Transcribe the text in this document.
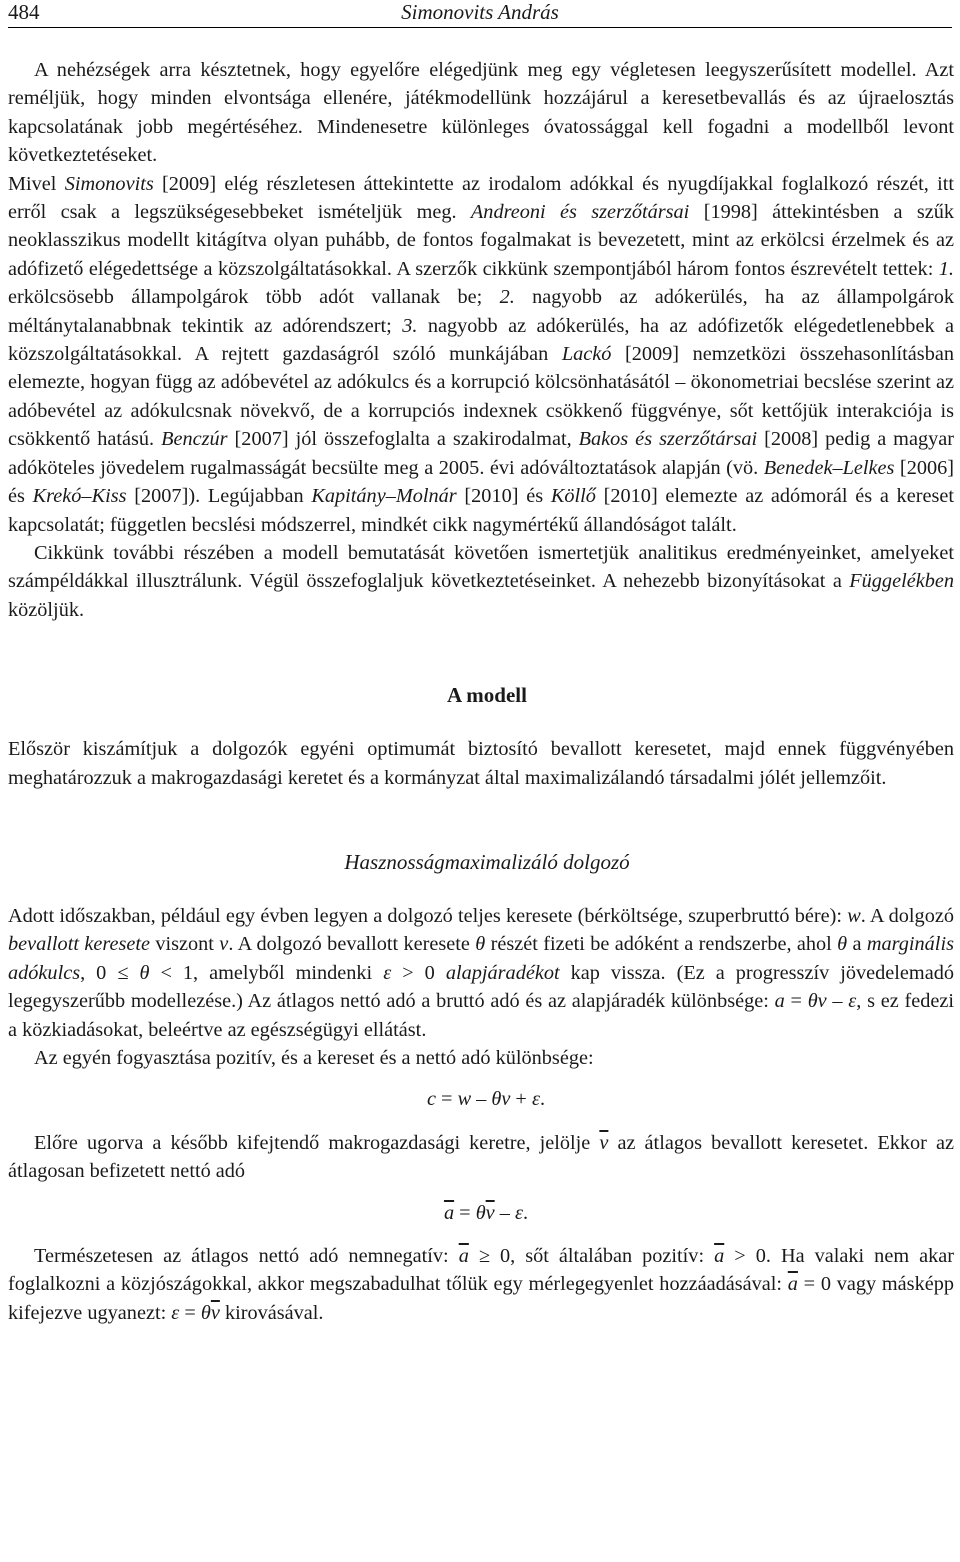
484	Simonovits András

A nehézségek arra késztetnek, hogy egyelőre elégedjünk meg egy végletesen leegyszerűsített modellel. Azt reméljük, hogy minden elvontsága ellenére, játékmodellünk hozzájárul a keresetbevallás és az újraelosztás kapcsolatának jobb megértéséhez. Mindenesetre különleges óvatossággal kell fogadni a modellből levont következtetéseket.

Mivel Simonovits [2009] elég részletesen áttekintette az irodalom adókkal és nyugdíjakkal foglalkozó részét, itt erről csak a legszükségesebbeket ismételjük meg. Andreoni és szerzőtársai [1998] áttekintésben a szűk neoklasszikus modellt kitágítva olyan puhább, de fontos fogalmakat is bevezetett, mint az erkölcsi érzelmek és az adófizető elégedettsége a közszolgáltatásokkal. A szerzők cikkünk szempontjából három fontos észrevételt tettek: 1. erkölcsösebb állampolgárok több adót vallanak be; 2. nagyobb az adókerülés, ha az állampolgárok méltánytalanabbnak tekintik az adórendszert; 3. nagyobb az adókerülés, ha az adófizetők elégedetlenebbek a közszolgáltatásokkal. A rejtett gazdaságról szóló munkájában Lackó [2009] nemzetközi összehasonlításban elemezte, hogyan függ az adóbevétel az adókulcs és a korrupció kölcsönhatásától – ökonometriai becslése szerint az adóbevétel az adókulcsnak növekvő, de a korrupciós indexnek csökkenő függvénye, sőt kettőjük interakciója is csökkentő hatású. Benczúr [2007] jól összefoglalta a szakirodalmat, Bakos és szerzőtársai [2008] pedig a magyar adóköteles jövedelem rugalmasságát becsülte meg a 2005. évi adóváltoztatások alapján (vö. Benedek–Lelkes [2006] és Krekó–Kiss [2007]). Legújabban Kapitány–Molnár [2010] és Köllő [2010] elemezte az adómorál és a kereset kapcsolatát; független becslési módszerrel, mindkét cikk nagymértékű állandóságot talált.

Cikkünk további részében a modell bemutatását követően ismertetjük analitikus eredményeinket, amelyeket számpéldákkal illusztrálunk. Végül összefoglaljuk következtetéseinket. A nehezebb bizonyításokat a Függelékben közöljük.

A modell

Először kiszámítjuk a dolgozók egyéni optimumát biztosító bevallott keresetet, majd ennek függvényében meghatározzuk a makrogazdasági keretet és a kormányzat által maximalizálandó társadalmi jólét jellemzőit.

Hasznosságmaximalizáló dolgozó

Adott időszakban, például egy évben legyen a dolgozó teljes keresete (bérköltsége, szuperbruttó bére): w. A dolgozó bevallott keresete viszont v. A dolgozó bevallott keresete θ részét fizeti be adóként a rendszerbe, ahol θ a marginális adókulcs, 0 ≤ θ < 1, amelyből mindenki ε > 0 alapjáradékot kap vissza. (Ez a progresszív jövedelemadó legegyszerűbb modellezése.) Az átlagos nettó adó a bruttó adó és az alapjáradék különbsége: a = θv – ε, s ez fedezi a közkiadásokat, beleértve az egészségügyi ellátást.

Az egyén fogyasztása pozitív, és a kereset és a nettó adó különbsége:

c = w – θv + ε.

Előre ugorva a később kifejtendő makrogazdasági keretre, jelölje $\overline{v}$ az átlagos bevallott keresetet. Ekkor az átlagosan befizetett nettó adó

$\overline{a} = \theta\overline{v} - \varepsilon$.

Természetesen az átlagos nettó adó nemnegatív: $\overline{a} \ge 0$, sőt általában pozitív: $\overline{a} > 0$. Ha valaki nem akar foglalkozni a közjószágokkal, akkor megszabadulhat tőlük egy mérlegegyenlet hozzáadásával: $\overline{a} = 0$ vagy másképp kifejezve ugyanezt: $\varepsilon = \theta\overline{v}$ kirovásával.
